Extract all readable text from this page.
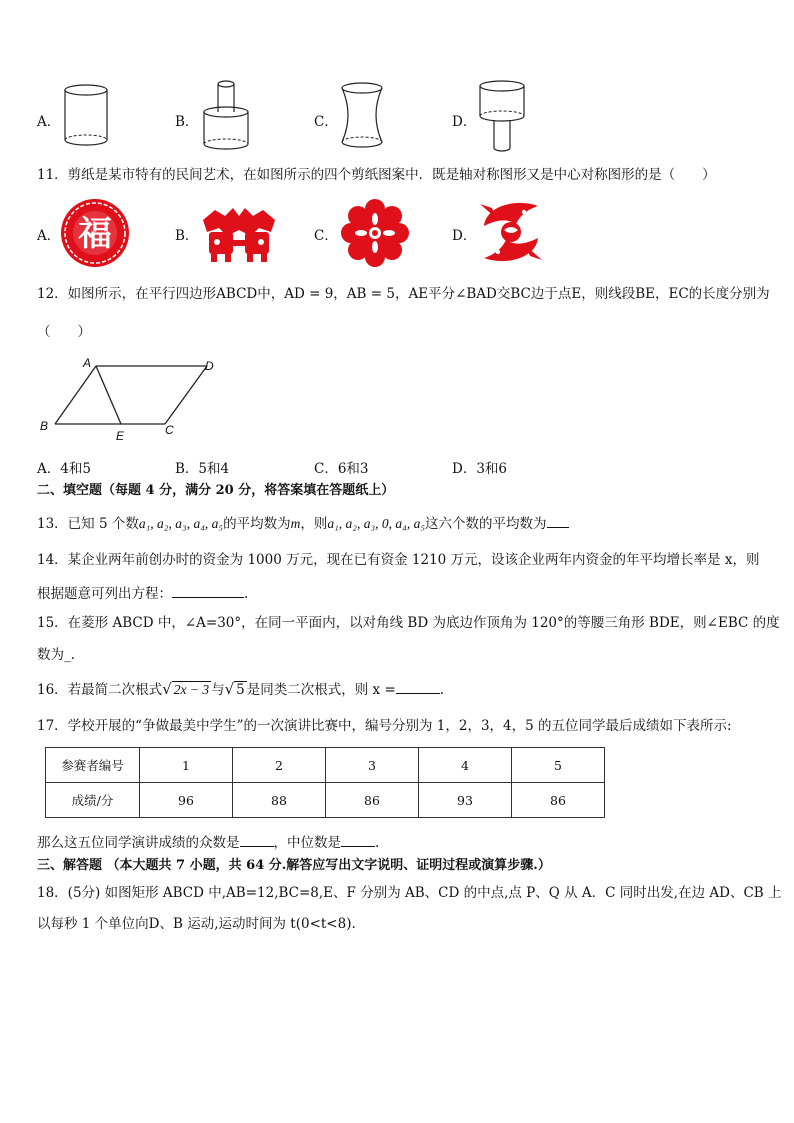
A．	B．	C．	D．
11．剪纸是某市特有的民间艺术，在如图所示的四个剪纸图案中．既是轴对称图形又是中心对称图形的是（　　）
A． 福	B．	C．	D．
12．如图所示，在平行四边形ABCD中，AD = 9，AB = 5，AE平分∠BAD交BC边于点E，则线段BE，EC的长度分别为
（　　）
A	D
B
E	C
A．4和5	B．5和4	C．6和3	D．3和6
二、填空题（每题 4 分，满分 20 分，将答案填在答题纸上）
13．已知 5 个数a₁, a₂, a₃, a₄, a₅的平均数为m，则a₁, a₂, a₃, 0, a₄, a₅这六个数的平均数为
14．某企业两年前创办时的资金为 1000 万元，现在已有资金 1210 万元，设该企业两年内资金的年平均增长率是 x，则
根据题意可列出方程：	.
15．在菱形 ABCD 中，∠A=30°，在同一平面内，以对角线 BD 为底边作顶角为 120°的等腰三角形 BDE，则∠EBC 的度
数为_.
16．若最简二次根式√ 2x − 3 与√ 5 是同类二次根式，则 x =	.
17．学校开展的“争做最美中学生”的一次演讲比赛中，编号分别为 1，2，3，4，5 的五位同学最后成绩如下表所示:
参赛者编号	1	2	3	4	5
成绩/分	96	88	86	93	86
那么这五位同学演讲成绩的众数是	，中位数是	.
三、解答题 （本大题共 7 小题，共 64 分.解答应写出文字说明、证明过程或演算步骤.）
18．(5分) 如图矩形 ABCD 中,AB=12,BC=8,E、F 分别为 AB、CD 的中点,点 P、Q 从 A．C 同时出发,在边 AD、CB 上
以每秒 1 个单位向D、B 运动,运动时间为 t(0<t<8).
